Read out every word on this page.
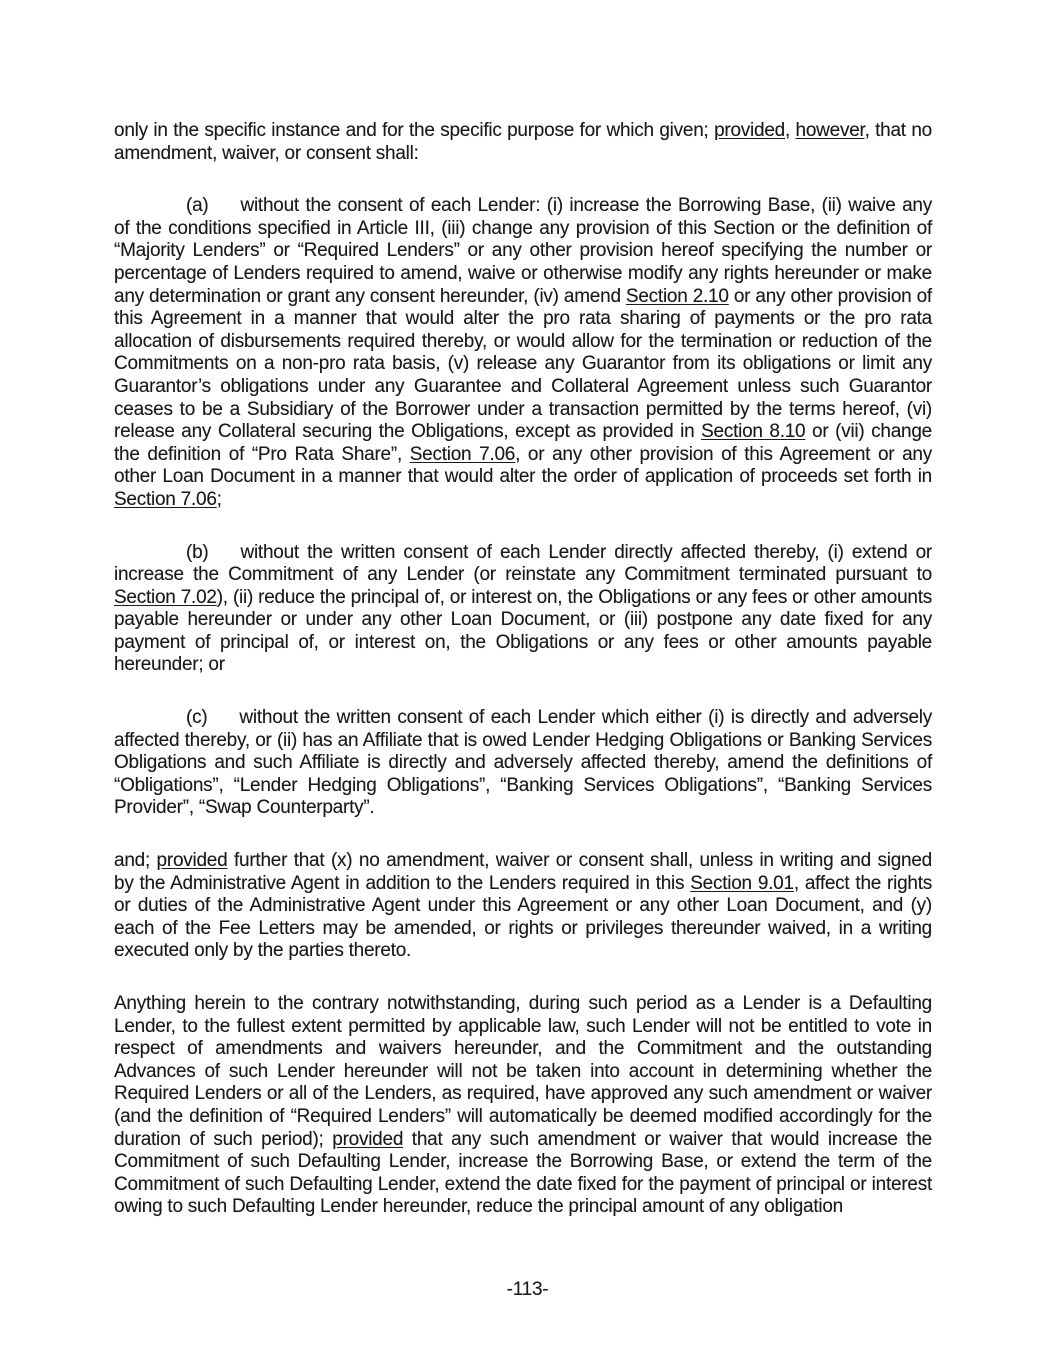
only in the specific instance and for the specific purpose for which given; provided, however, that no amendment, waiver, or consent shall:

(a) without the consent of each Lender: (i) increase the Borrowing Base, (ii) waive any of the conditions specified in Article III, (iii) change any provision of this Section or the definition of “Majority Lenders” or “Required Lenders” or any other provision hereof specifying the number or percentage of Lenders required to amend, waive or otherwise modify any rights hereunder or make any determination or grant any consent hereunder, (iv) amend Section 2.10 or any other provision of this Agreement in a manner that would alter the pro rata sharing of payments or the pro rata allocation of disbursements required thereby, or would allow for the termination or reduction of the Commitments on a non-pro rata basis, (v) release any Guarantor from its obligations or limit any Guarantor’s obligations under any Guarantee and Collateral Agreement unless such Guarantor ceases to be a Subsidiary of the Borrower under a transaction permitted by the terms hereof, (vi) release any Collateral securing the Obligations, except as provided in Section 8.10 or (vii) change the definition of “Pro Rata Share”, Section 7.06, or any other provision of this Agreement or any other Loan Document in a manner that would alter the order of application of proceeds set forth in Section 7.06;

(b) without the written consent of each Lender directly affected thereby, (i) extend or increase the Commitment of any Lender (or reinstate any Commitment terminated pursuant to Section 7.02), (ii) reduce the principal of, or interest on, the Obligations or any fees or other amounts payable hereunder or under any other Loan Document, or (iii) postpone any date fixed for any payment of principal of, or interest on, the Obligations or any fees or other amounts payable hereunder; or

(c) without the written consent of each Lender which either (i) is directly and adversely affected thereby, or (ii) has an Affiliate that is owed Lender Hedging Obligations or Banking Services Obligations and such Affiliate is directly and adversely affected thereby, amend the definitions of “Obligations”, “Lender Hedging Obligations”, “Banking Services Obligations”, “Banking Services Provider”, “Swap Counterparty”.

and; provided further that (x) no amendment, waiver or consent shall, unless in writing and signed by the Administrative Agent in addition to the Lenders required in this Section 9.01, affect the rights or duties of the Administrative Agent under this Agreement or any other Loan Document, and (y) each of the Fee Letters may be amended, or rights or privileges thereunder waived, in a writing executed only by the parties thereto.

Anything herein to the contrary notwithstanding, during such period as a Lender is a Defaulting Lender, to the fullest extent permitted by applicable law, such Lender will not be entitled to vote in respect of amendments and waivers hereunder, and the Commitment and the outstanding Advances of such Lender hereunder will not be taken into account in determining whether the Required Lenders or all of the Lenders, as required, have approved any such amendment or waiver (and the definition of “Required Lenders” will automatically be deemed modified accordingly for the duration of such period); provided that any such amendment or waiver that would increase the Commitment of such Defaulting Lender, increase the Borrowing Base, or extend the term of the Commitment of such Defaulting Lender, extend the date fixed for the payment of principal or interest owing to such Defaulting Lender hereunder, reduce the principal amount of any obligation

-113-
